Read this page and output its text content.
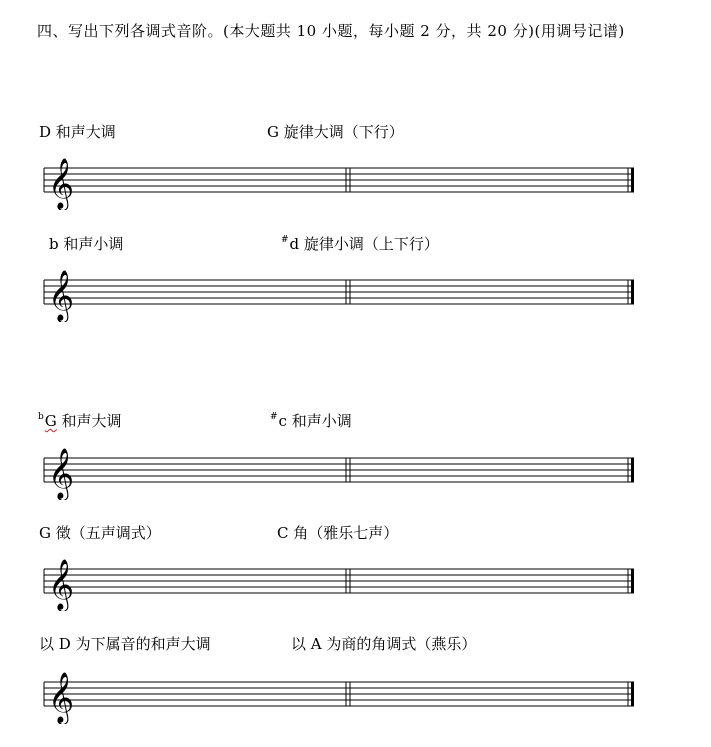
四、写出下列各调式音阶。(本大题共 10 小题，每小题 2 分，共 20 分)(用调号记谱)
D 和声大调	G 旋律大调（下行）
𝄞
b 和声小调	#d 旋律小调（上下行）
𝄞
$^b$G 和声大调	#c 和声小调
𝄞
G 徵（五声调式）	C 角（雅乐七声）
𝄞
以 D 为下属音的和声大调	以 A 为商的角调式（燕乐）
𝄞
